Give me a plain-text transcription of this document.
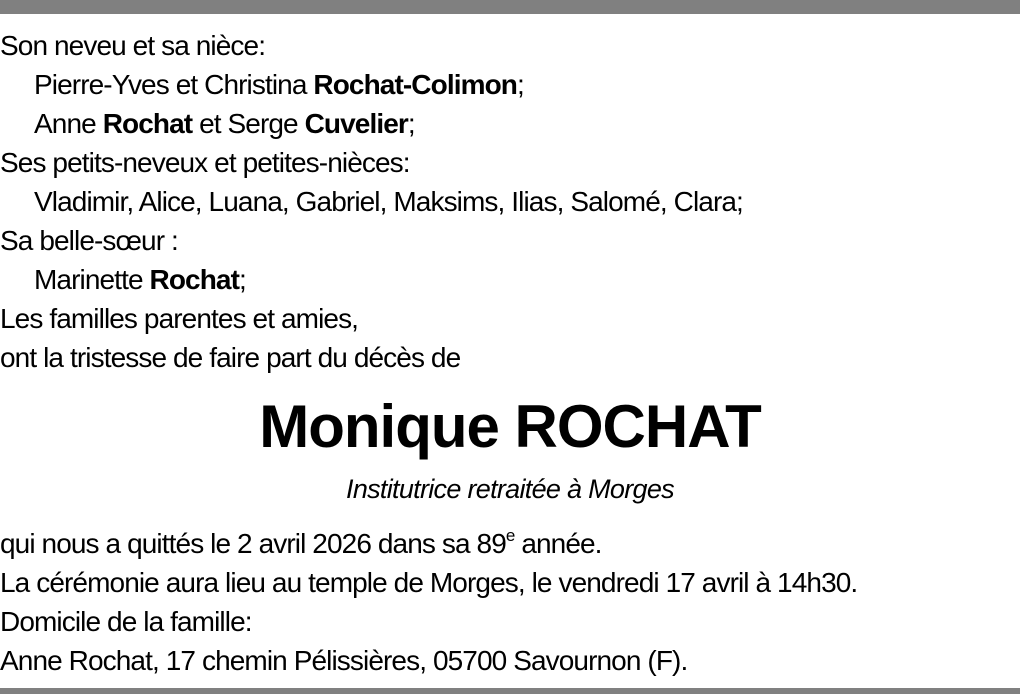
Son neveu et sa nièce:
Pierre-Yves et Christina Rochat-Colimon;
Anne Rochat et Serge Cuvelier;
Ses petits-neveux et petites-nièces:
Vladimir, Alice, Luana, Gabriel, Maksims, Ilias, Salomé, Clara;
Sa belle-sœur :
Marinette Rochat;
Les familles parentes et amies,
ont la tristesse de faire part du décès de
Monique ROCHAT
Institutrice retraitée à Morges
qui nous a quittés le 2 avril 2026 dans sa 89e année.
La cérémonie aura lieu au temple de Morges, le vendredi 17 avril à 14h30.
Domicile de la famille:
Anne Rochat, 17 chemin Pélissières, 05700 Savournon (F).
